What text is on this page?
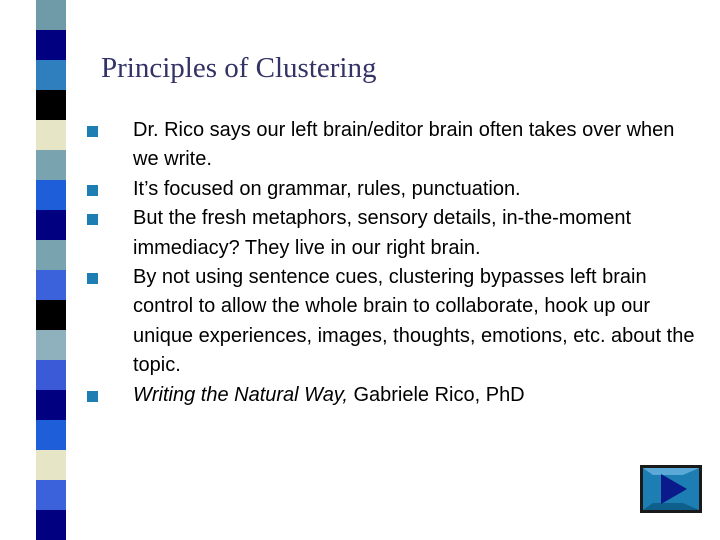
Principles of Clustering
Dr. Rico says our left brain/editor brain often takes over when we write.
It’s focused on grammar, rules, punctuation.
But the fresh metaphors, sensory details, in-the-moment immediacy? They live in our right brain.
By not using sentence cues, clustering bypasses left brain control to allow the whole brain to collaborate, hook up our unique experiences, images, thoughts, emotions, etc. about the topic.
Writing the Natural Way, Gabriele Rico, PhD
